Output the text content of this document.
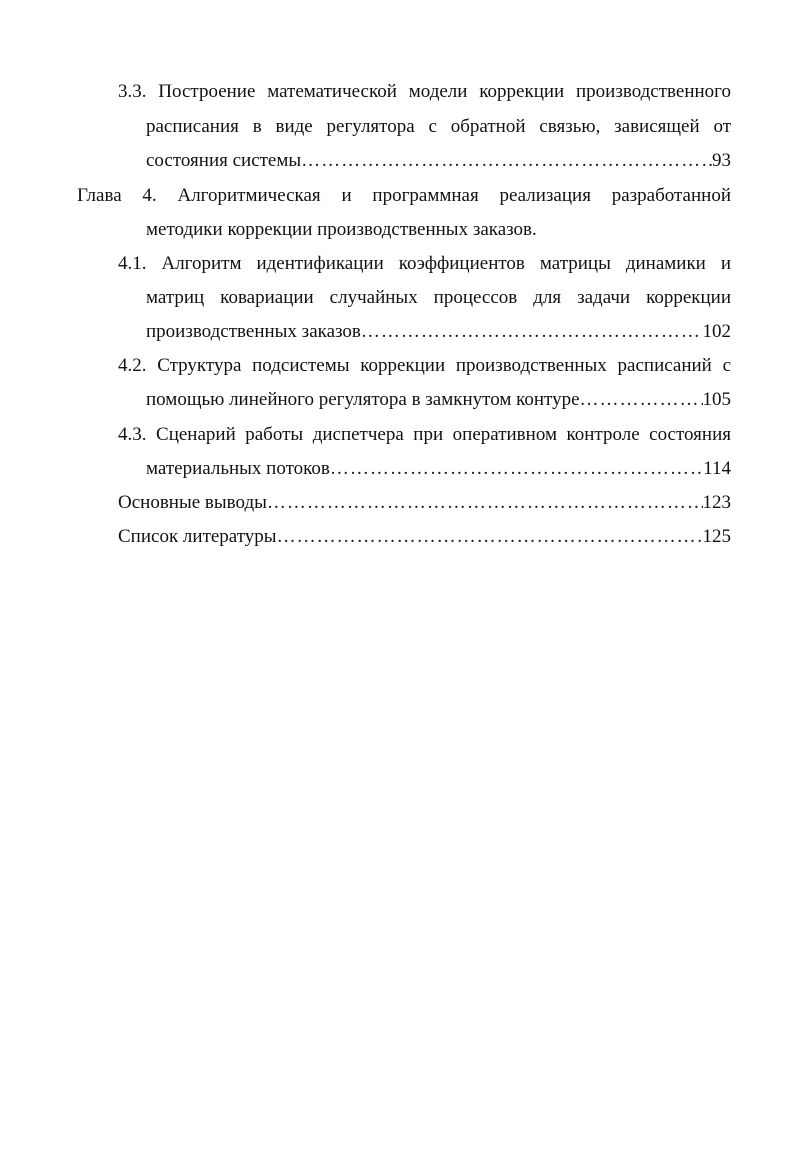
3.3. Построение математической модели коррекции производственного
расписания в виде регулятора с обратной связью, зависящей от
состояния системы ……………………………………………………………………………………………………………………………………………………	93
Глава 4. Алгоритмическая и программная реализация разработанной
методики коррекции производственных заказов.
4.1. Алгоритм идентификации коэффициентов матрицы динамики и
матриц ковариации случайных процессов для задачи коррекции
производственных заказов ……………………………………………………………………………………………………………………………………………………	102
4.2. Структура подсистемы коррекции производственных расписаний с
помощью линейного регулятора в замкнутом контуре ……………………………………………………………………………………………………………………………………………………	105
4.3. Сценарий работы диспетчера при оперативном контроле состояния
материальных потоков ……………………………………………………………………………………………………………………………………………………	114
Основные выводы ……………………………………………………………………………………………………………………………………………………	123
Список литературы ……………………………………………………………………………………………………………………………………………………	125
